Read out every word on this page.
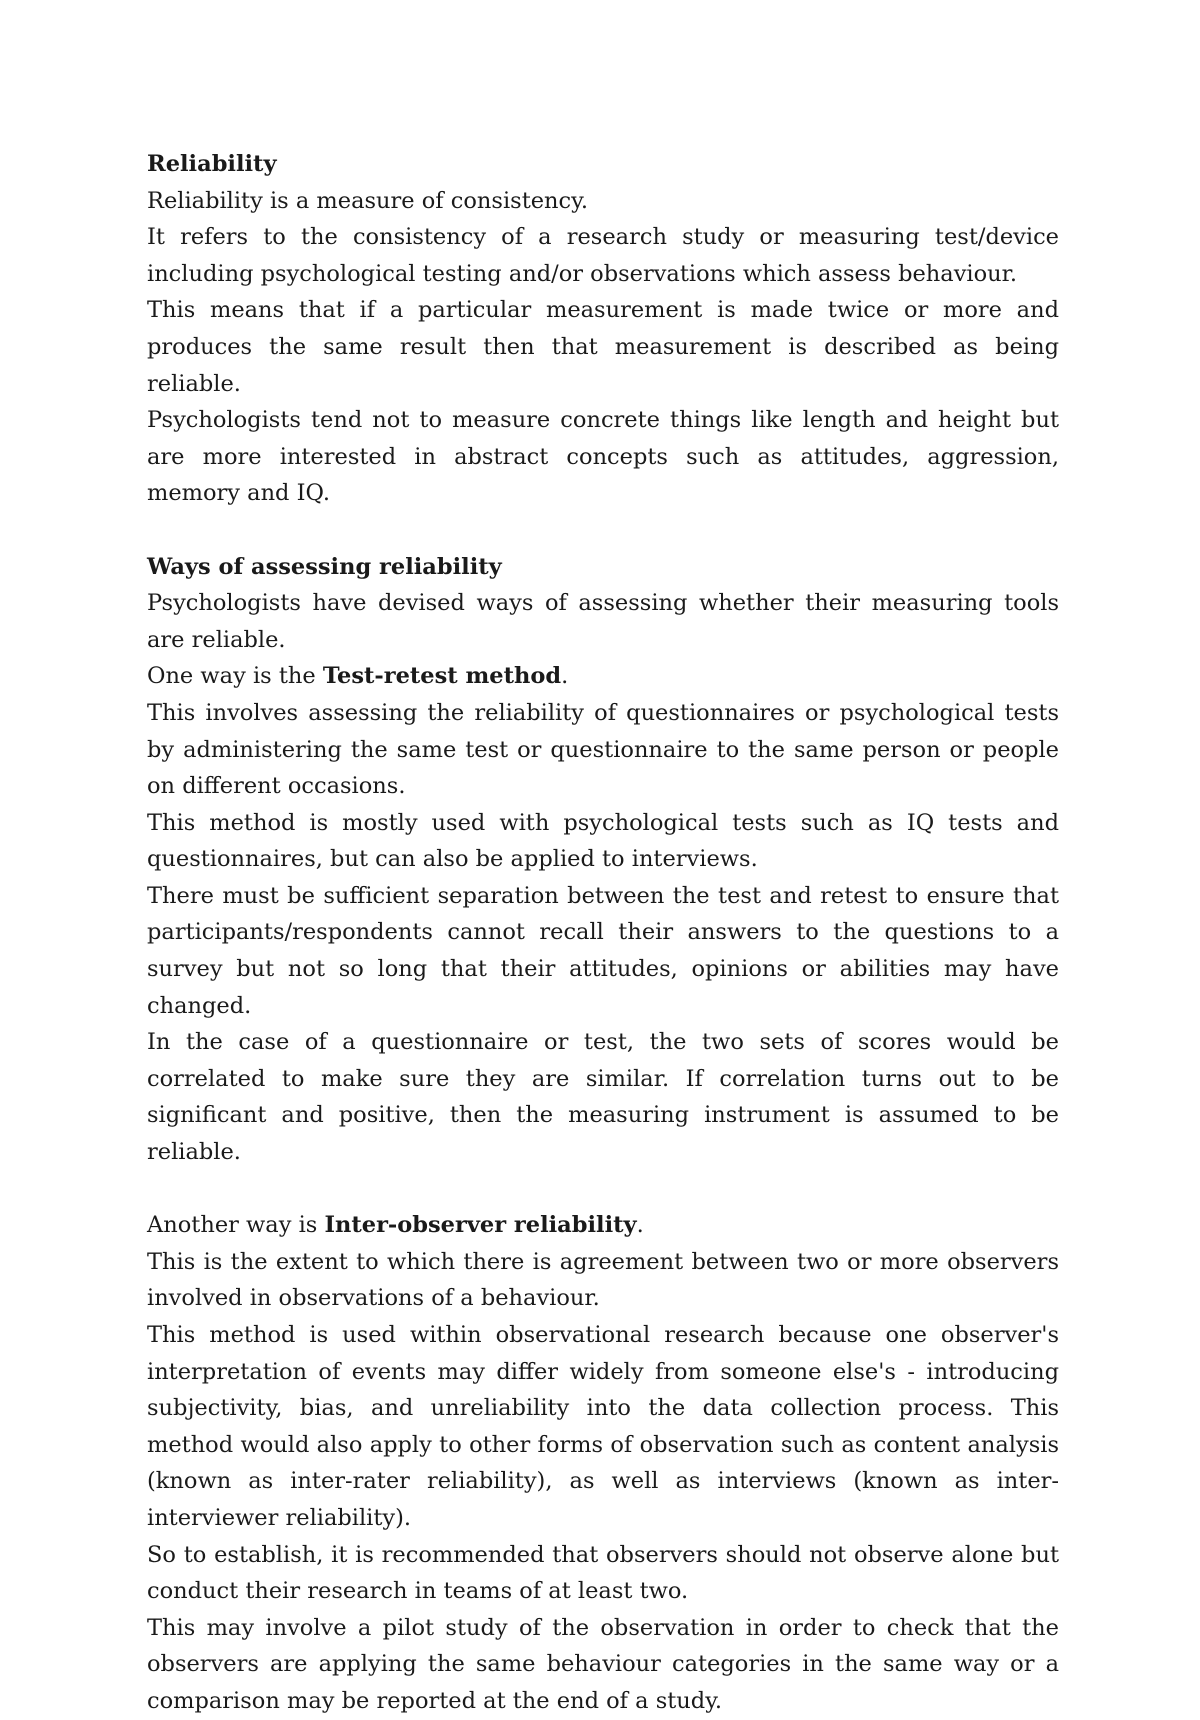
Reliability

Reliability is a measure of consistency.

It refers to the consistency of a research study or measuring test/device including psychological testing and/or observations which assess behaviour.

This means that if a particular measurement is made twice or more and produces the same result then that measurement is described as being reliable.

Psychologists tend not to measure concrete things like length and height but are more interested in abstract concepts such as attitudes, aggression, memory and IQ.

Ways of assessing reliability

Psychologists have devised ways of assessing whether their measuring tools are reliable.

One way is the Test-retest method.

This involves assessing the reliability of questionnaires or psychological tests by administering the same test or questionnaire to the same person or people on different occasions.

This method is mostly used with psychological tests such as IQ tests and questionnaires, but can also be applied to interviews.

There must be sufficient separation between the test and retest to ensure that participants/respondents cannot recall their answers to the questions to a survey but not so long that their attitudes, opinions or abilities may have changed.

In the case of a questionnaire or test, the two sets of scores would be correlated to make sure they are similar. If correlation turns out to be significant and positive, then the measuring instrument is assumed to be reliable.

Another way is Inter-observer reliability.

This is the extent to which there is agreement between two or more observers involved in observations of a behaviour.

This method is used within observational research because one observer's interpretation of events may differ widely from someone else's - introducing subjectivity, bias, and unreliability into the data collection process. This method would also apply to other forms of observation such as content analysis (known as inter-rater reliability), as well as interviews (known as inter-interviewer reliability).

So to establish, it is recommended that observers should not observe alone but conduct their research in teams of at least two.

This may involve a pilot study of the observation in order to check that the observers are applying the same behaviour categories in the same way or a comparison may be reported at the end of a study.
